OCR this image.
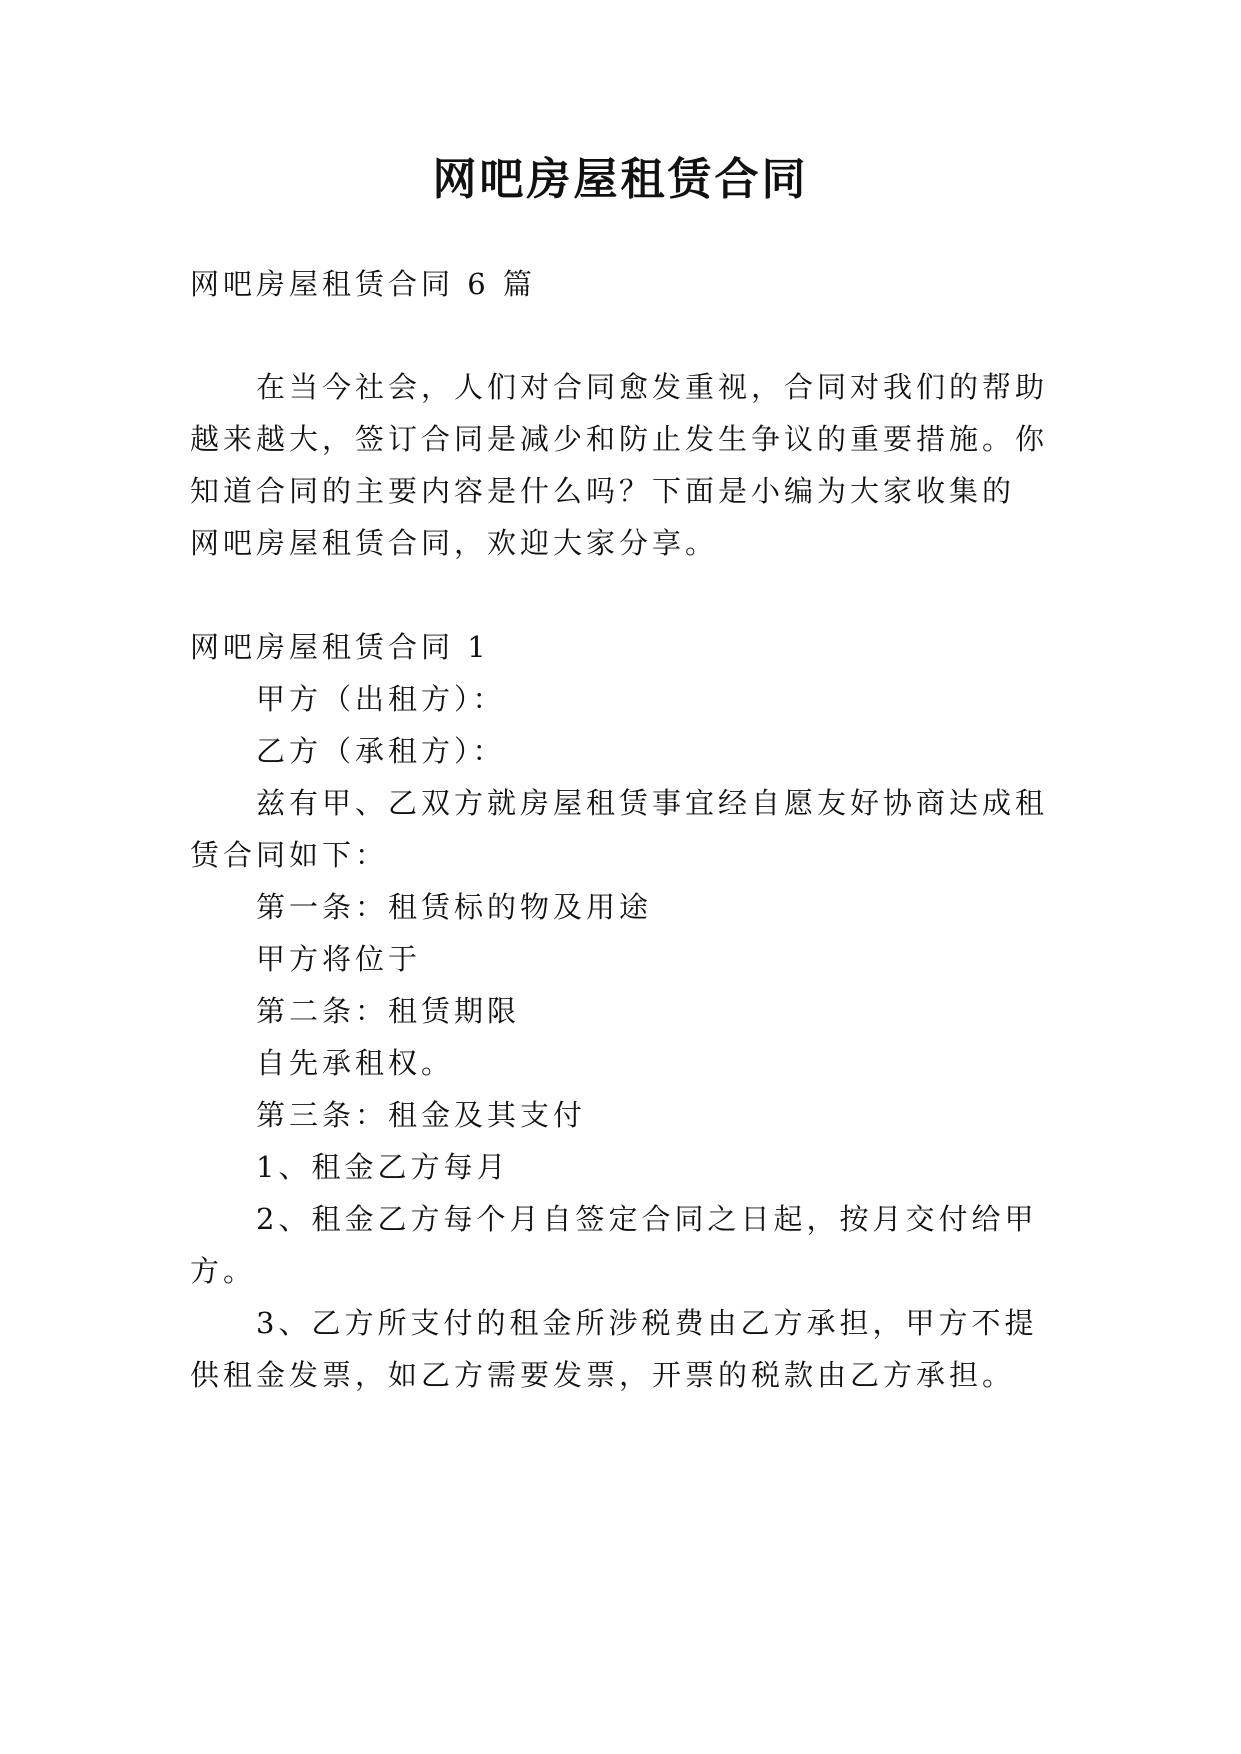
网吧房屋租赁合同
网吧房屋租赁合同 6 篇
在当今社会，人们对合同愈发重视，合同对我们的帮助
越来越大，签订合同是减少和防止发生争议的重要措施。你
知道合同的主要内容是什么吗？下面是小编为大家收集的
网吧房屋租赁合同，欢迎大家分享。
网吧房屋租赁合同 1
甲方（出租方）：
乙方（承租方）：
兹有甲、乙双方就房屋租赁事宜经自愿友好协商达成租
赁合同如下：
第一条：租赁标的物及用途
甲方将位于
第二条：租赁期限
自先承租权。
第三条：租金及其支付
1、租金乙方每月
2、租金乙方每个月自签定合同之日起，按月交付给甲
方。
3、乙方所支付的租金所涉税费由乙方承担，甲方不提
供租金发票，如乙方需要发票，开票的税款由乙方承担。
